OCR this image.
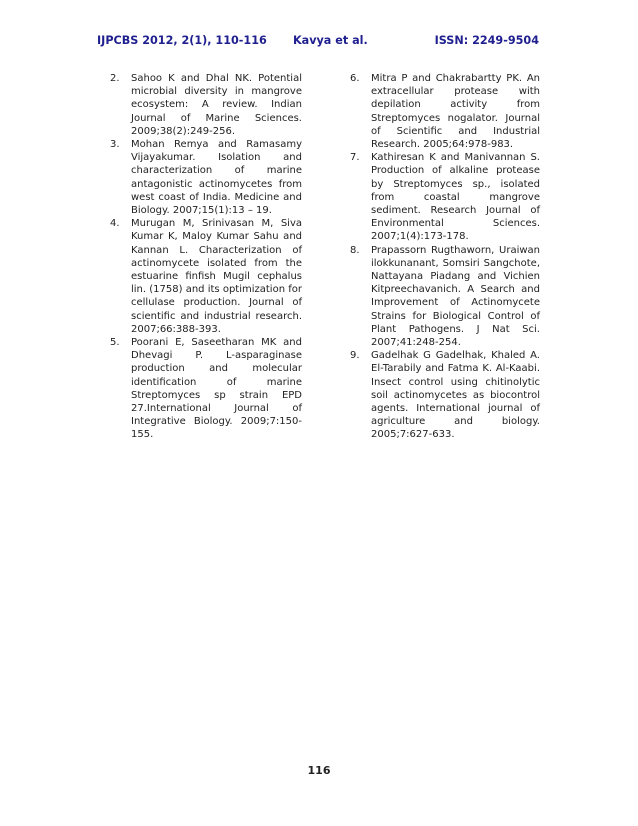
IJPCBS 2012, 2(1), 110-116 Kavya et al.	ISSN: 2249-9504
2.	Sahoo K and Dhal NK. Potential microbial diversity in mangrove ecosystem: A review. Indian Journal of Marine Sciences. 2009;38(2):249-256.
3.	Mohan Remya and Ramasamy Vijayakumar. Isolation and characterization of marine antagonistic actinomycetes from west coast of India. Medicine and Biology. 2007;15(1):13 – 19.
4.	Murugan M, Srinivasan M, Siva Kumar K, Maloy Kumar Sahu and Kannan L. Characterization of actinomycete isolated from the estuarine finfish Mugil cephalus lin. (1758) and its optimization for cellulase production. Journal of scientific and industrial research. 2007;66:388-393.
5.	Poorani E, Saseetharan MK and Dhevagi P. L-asparaginase production and molecular identification of marine Streptomyces sp strain EPD 27.International Journal of Integrative Biology. 2009;7:150-155.
6.	Mitra P and Chakrabartty PK. An extracellular protease with depilation activity from Streptomyces nogalator. Journal of Scientific and Industrial Research. 2005;64:978-983.
7.	Kathiresan K and Manivannan S. Production of alkaline protease by Streptomyces sp., isolated from coastal mangrove sediment. Research Journal of Environmental Sciences. 2007;1(4):173-178.
8.	Prapassorn Rugthaworn, Uraiwan ilokkunanant, Somsiri Sangchote, Nattayana Piadang and Vichien Kitpreechavanich. A Search and Improvement of Actinomycete Strains for Biological Control of Plant Pathogens. J Nat Sci. 2007;41:248-254.
9.	Gadelhak G Gadelhak, Khaled A. El-Tarabily and Fatma K. Al-Kaabi. Insect control using chitinolytic soil actinomycetes as biocontrol agents. International journal of agriculture and biology. 2005;7:627-633.
116
